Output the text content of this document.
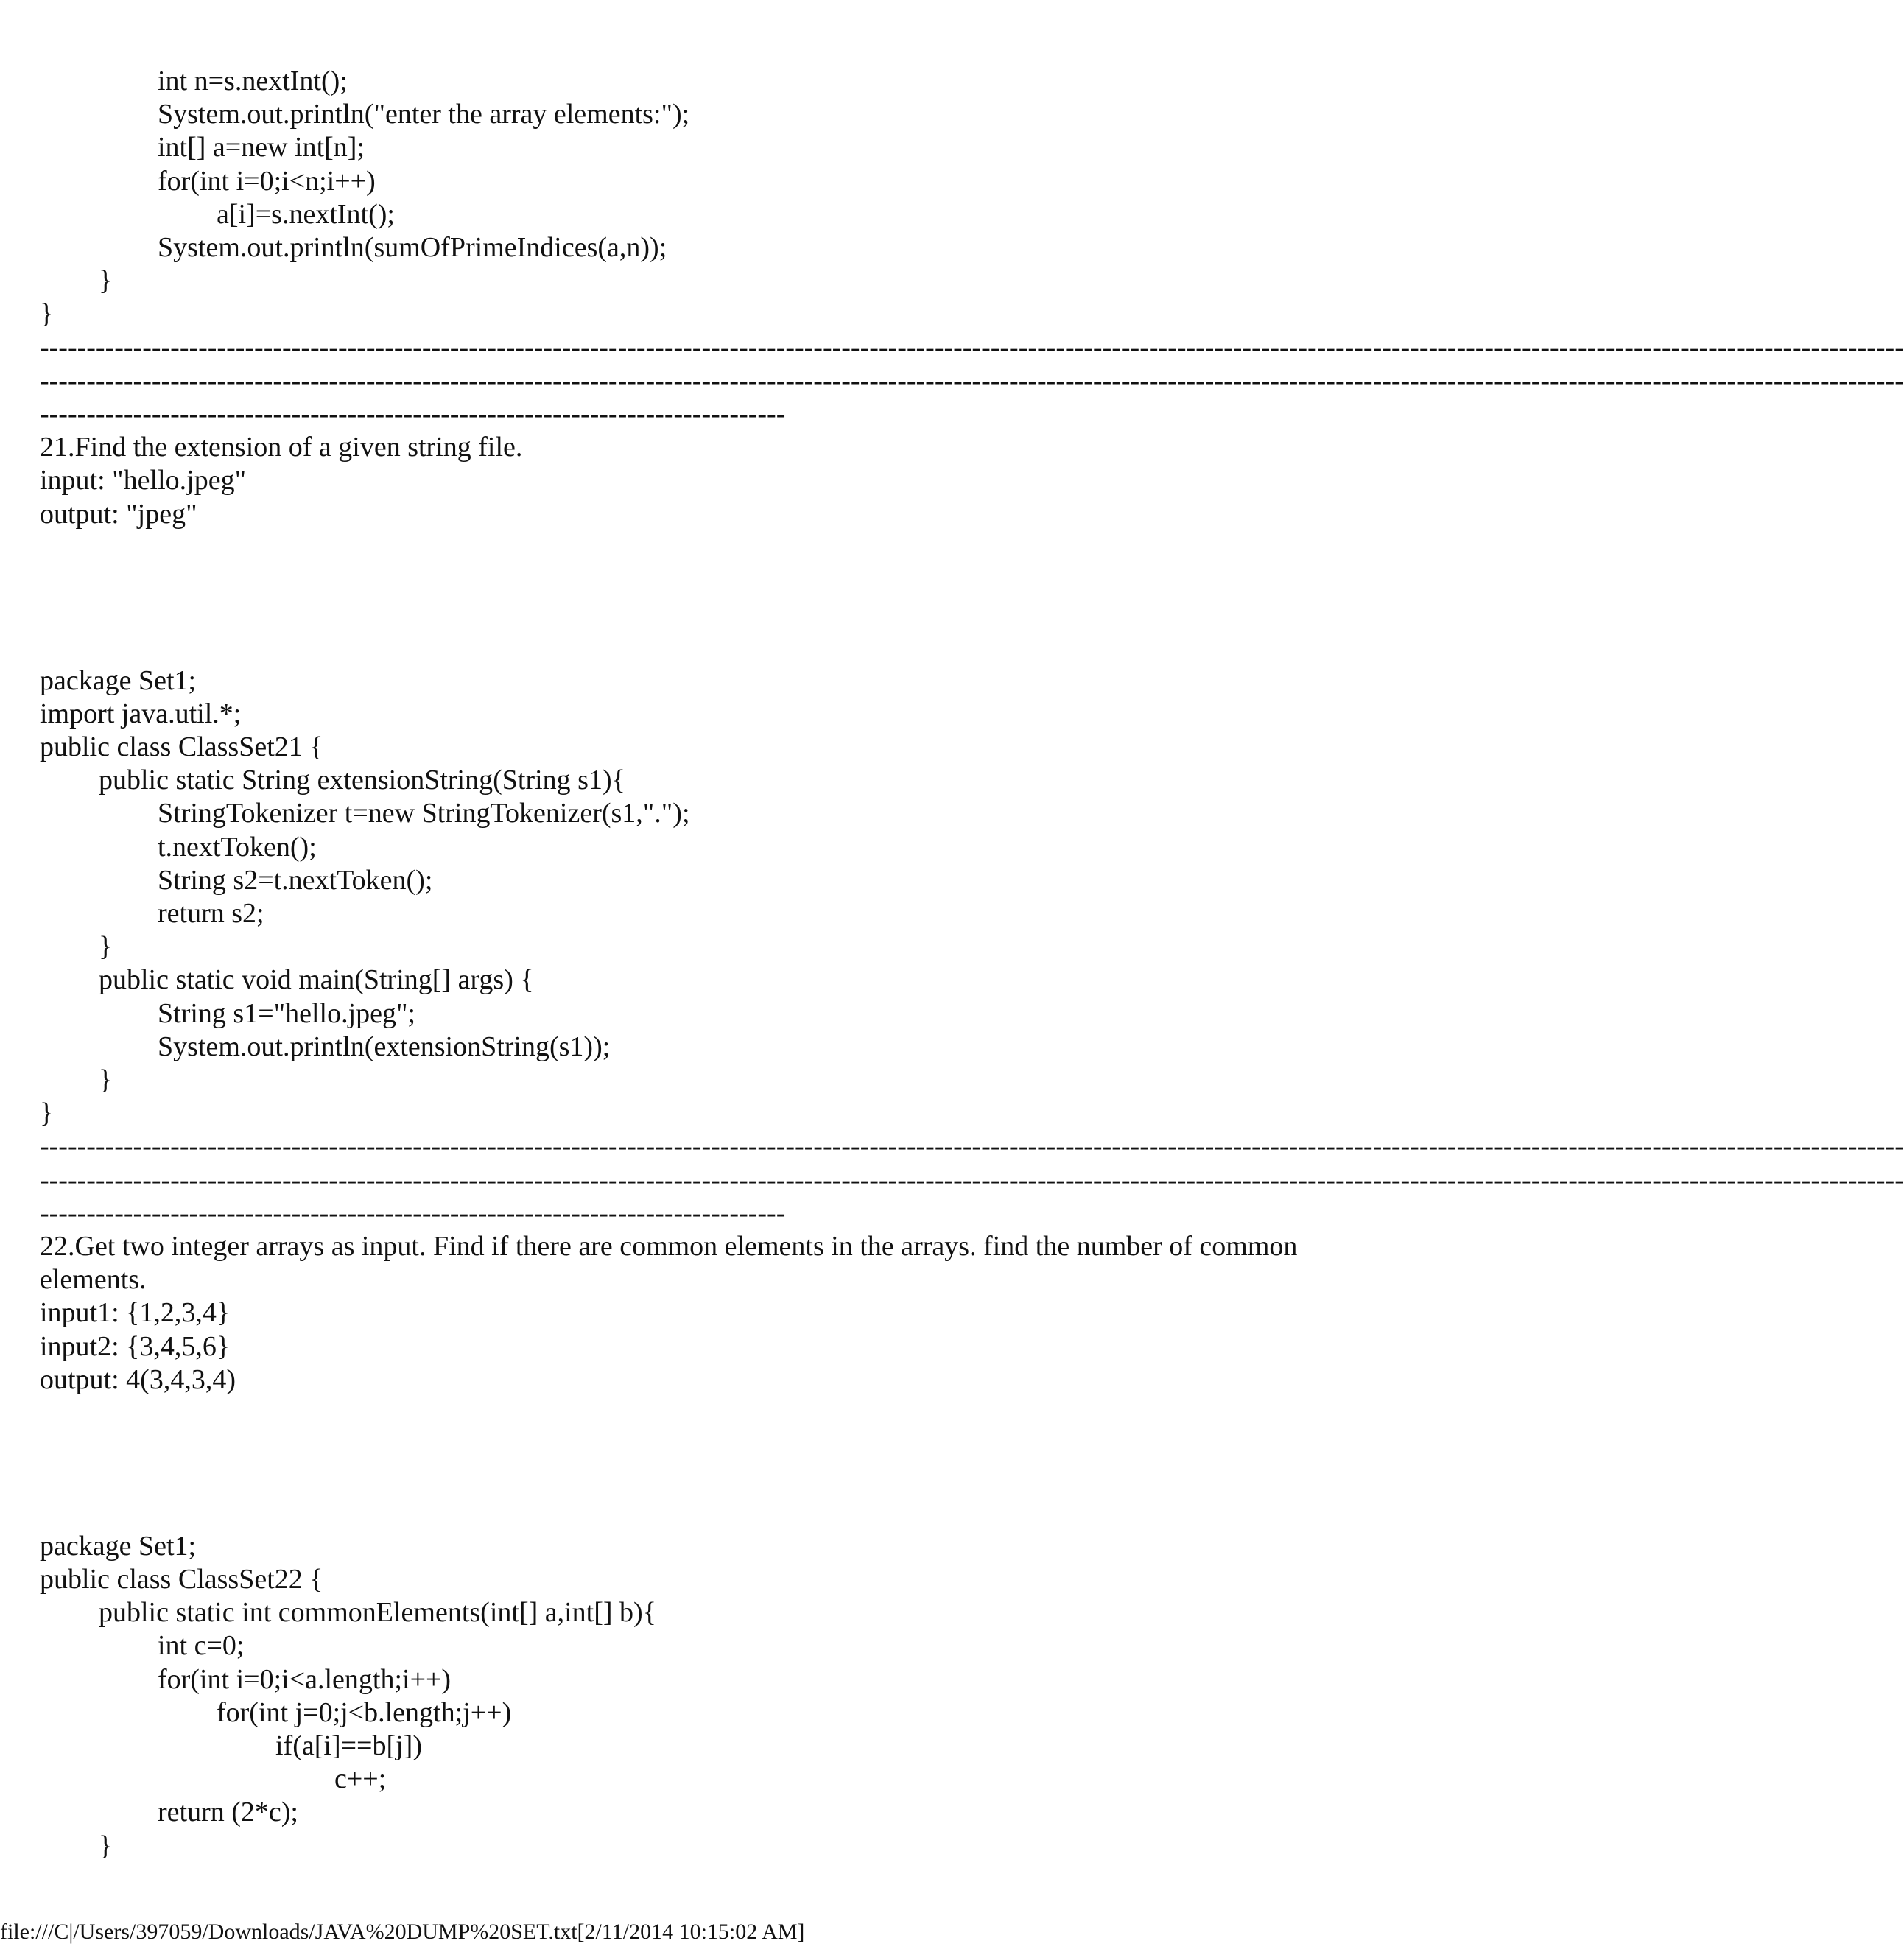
int n=s.nextInt();
System.out.println("enter the array elements:");
int[] a=new int[n];
for(int i=0;i<n;i++)
a[i]=s.nextInt();
System.out.println(sumOfPrimeIndices(a,n));
}
}
--------------------------------------------------------------------------------------------------------------------------------------------------------------------------------------------------------
--------------------------------------------------------------------------------------------------------------------------------------------------------------------------------------------------------
--------------------------------------------------------------------------------
21.Find the extension of a given string file.
input: "hello.jpeg"
output: "jpeg"
package Set1;
import java.util.*;
public class ClassSet21 {
public static String extensionString(String s1){
StringTokenizer t=new StringTokenizer(s1,".");
t.nextToken();
String s2=t.nextToken();
return s2;
}
public static void main(String[] args) {
String s1="hello.jpeg";
System.out.println(extensionString(s1));
}
}
--------------------------------------------------------------------------------------------------------------------------------------------------------------------------------------------------------
--------------------------------------------------------------------------------------------------------------------------------------------------------------------------------------------------------
--------------------------------------------------------------------------------
22.Get two integer arrays as input. Find if there are common elements in the arrays. find the number of common
elements.
input1: {1,2,3,4}
input2: {3,4,5,6}
output: 4(3,4,3,4)
package Set1;
public class ClassSet22 {
public static int commonElements(int[] a,int[] b){
int c=0;
for(int i=0;i<a.length;i++)
for(int j=0;j<b.length;j++)
if(a[i]==b[j])
c++;
return (2*c);
}
file:///C|/Users/397059/Downloads/JAVA%20DUMP%20SET.txt[2/11/2014 10:15:02 AM]
